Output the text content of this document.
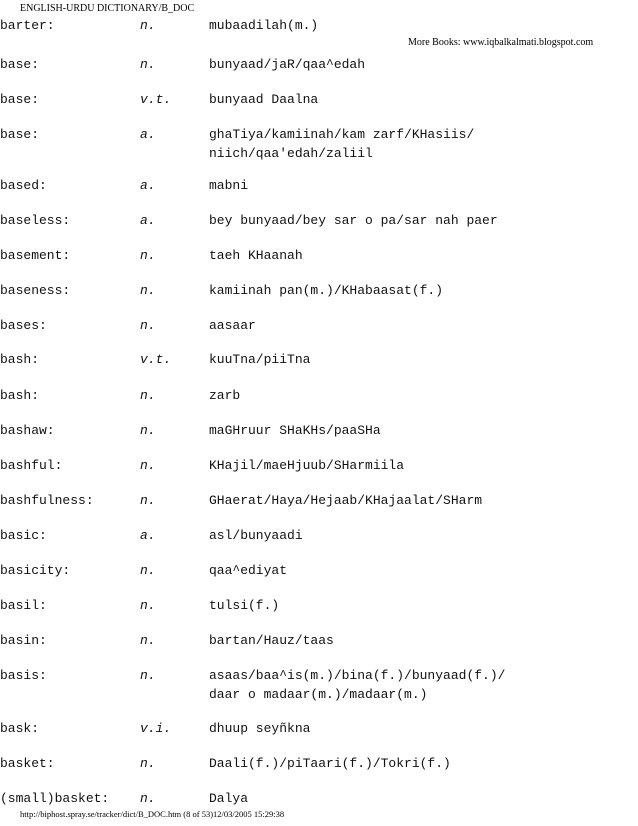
ENGLISH-URDU DICTIONARY/B_DOC
More Books: www.iqbalkalmati.blogspot.com
barter:	n.	mubaadilah(m.)
base:	n.	bunyaad/jaR/qaa^edah
base:	v.t.	bunyaad Daalna
base:	a.	ghaTiya/kamiinah/kam zarf/KHasiis/
niich/qaa'edah/zaliil
based:	a.	mabni
baseless:	a.	bey bunyaad/bey sar o pa/sar nah paer
basement:	n.	taeh KHaanah
baseness:	n.	kamiinah pan(m.)/KHabaasat(f.)
bases:	n.	aasaar
bash:	v.t.	kuuTna/piiTna
bash:	n.	zarb
bashaw:	n.	maGHruur SHaKHs/paaSHa
bashful:	n.	KHajil/maeHjuub/SHarmiila
bashfulness:	n.	GHaerat/Haya/Hejaab/KHajaalat/SHarm
basic:	a.	asl/bunyaadi
basicity:	n.	qaa^ediyat
basil:	n.	tulsi(f.)
basin:	n.	bartan/Hauz/taas
basis:	n.	asaas/baa^is(m.)/bina(f.)/bunyaad(f.)/
daar o madaar(m.)/madaar(m.)
bask:	v.i.	dhuup seyñkna
basket:	n.	Daali(f.)/piTaari(f.)/Tokri(f.)
(small)basket: n.	Dalya
http://biphost.spray.se/tracker/dict/B_DOC.htm (8 of 53)12/03/2005 15:29:38
